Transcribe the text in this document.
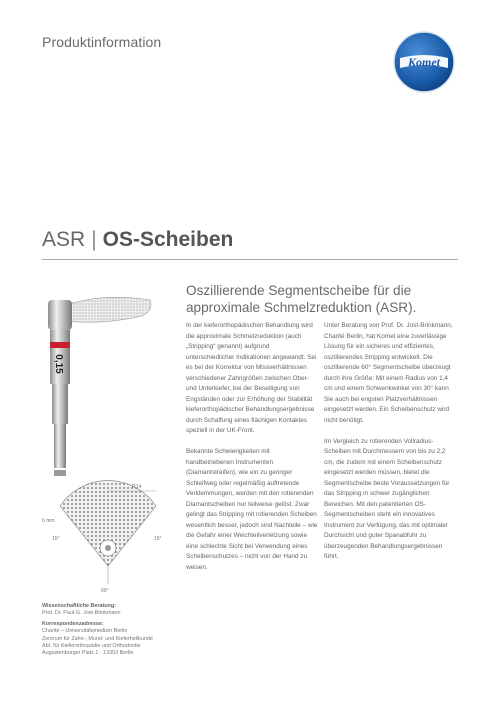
Produktinformation
Komet
ASR | OS-Scheiben
Oszillierende Segmentscheibe für die approximale Schmelzreduktion (ASR).
0,15
R14
6 mm
15°	15°
60°

In der kieferorthopädischen Behandlung wird die approximale Schmelzreduktion (auch „Stripping“ genannt) aufgrund unterschiedlicher Indikationen angewandt. Sei es bei der Korrektur von Missverhältnissen verschiedener Zahngrößen zwischen Ober- und Unterkiefer, bei der Beseitigung von Engständen oder zur Erhöhung der Stabilität kieferorthopädischer Behandlungsergebnisse durch Schaffung eines flächigen Kontaktes speziell in der UK-Front.

Bekannte Schwierigkeiten mit handbetriebenen Instrumenten (Diamantstreifen), wie ein zu geringer Schleifweg oder regelmäßig auftretende Verklemmungen, werden mit den rotierenden Diamantscheiben nur teilweise gelöst. Zwar gelingt das Stripping mit rotierenden Scheiben wesentlich besser, jedoch sind Nachteile – wie die Gefahr einer Weichteilverletzung sowie eine schlechte Sicht bei Verwendung eines Scheibenschutzes – nicht von der Hand zu weisen.

Unter Beratung von Prof. Dr. Jost-Brinkmann, Charité Berlin, hat Komet eine zuverlässige Lösung für ein sicheres und effizientes, oszillierendes Stripping entwickelt. Die oszillierende 60° Segmentscheibe überzeugt durch ihre Größe: Mit einem Radius von 1,4 cm und einem Schwenkwinkel von 30° kann Sie auch bei engsten Platzverhältnissen eingesetzt werden. Ein Scheibenschutz wird nicht benötigt.

Im Vergleich zu rotierenden Vollradius-Scheiben mit Durchmessern von bis zu 2,2 cm, die zudem mit einem Scheibenschutz eingesetzt werden müssen, bietet die Segmentscheibe beste Voraussetzungen für das Stripping in schwer zugänglichen Bereichen. Mit den patentierten OS-Segmentscheiben steht ein innovatives Instrument zur Verfügung, das mit optimaler Durchsicht und guter Spanabfuhr zu überzeugenden Behandlungsergebnissen führt.

Wissenschaftliche Beratung:
Prof. Dr. Paul-G. Jost-Brinkmann
Korrespondenzadresse:
Charité – Universitätsmedizin Berlin
Zentrum für Zahn-, Mund- und Kieferheilkunde
Abt. für Kieferorthopädie und Orthodontie
Augustenburger Platz 1 · 13353 Berlin
